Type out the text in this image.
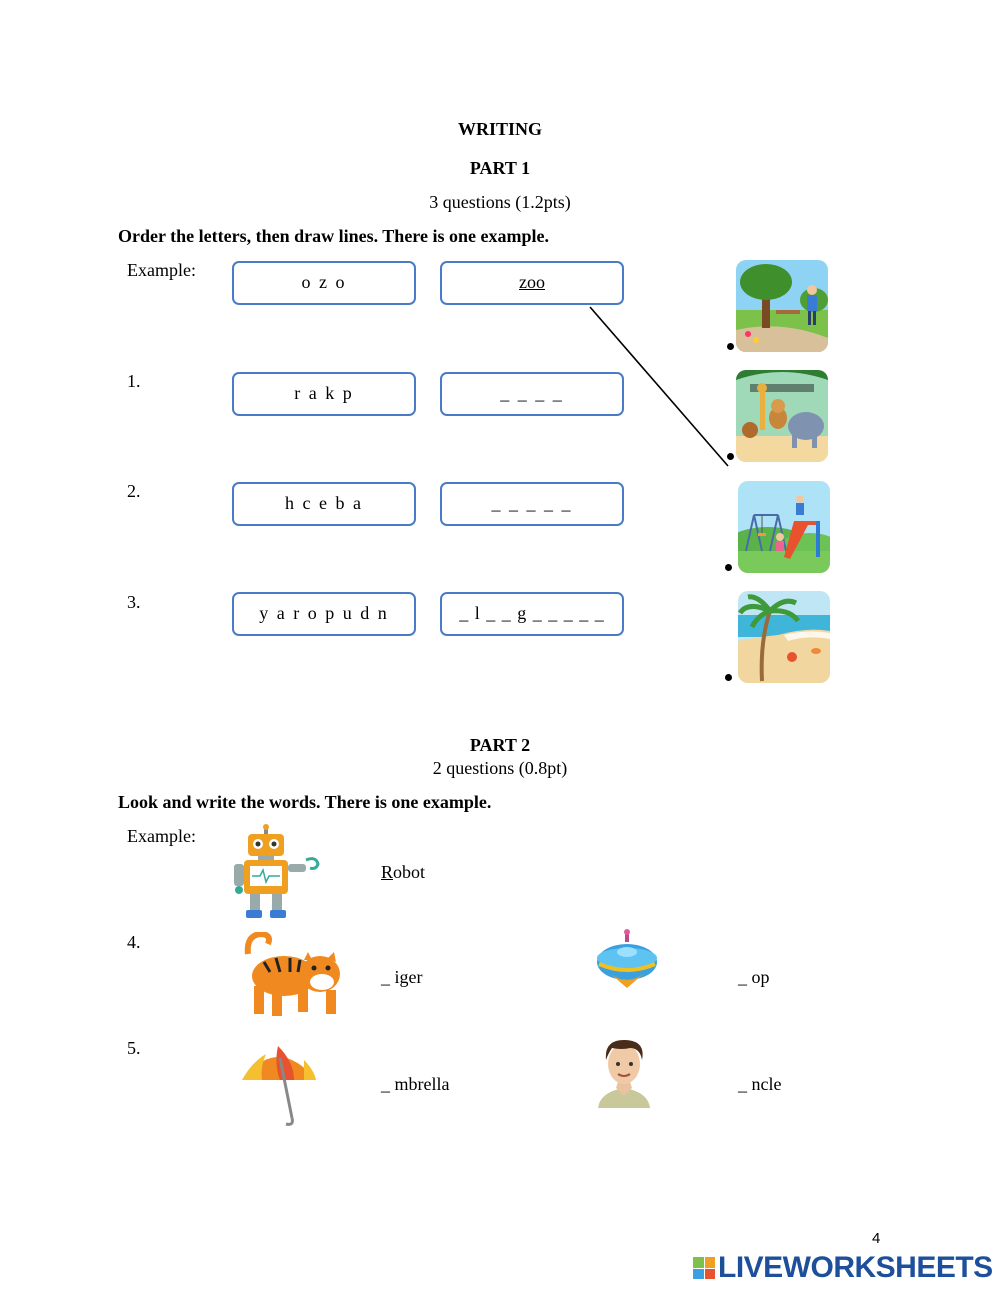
WRITING
PART 1
3 questions (1.2pts)
Order the letters, then draw lines. There is one example.
Example:
o z o	zoo
1.
r a k p	_ _ _ _
2.
h c e b a	_ _ _ _ _
3.
y a r o p u d n	_ l _ _ g _ _ _ _ _
PART 2
2 questions (0.8pt)
Look and write the words. There is one example.
Example:
Robot
4.
_ iger	_ op
5.
_ mbrella	_ ncle
4
LIVEWORKSHEETS
